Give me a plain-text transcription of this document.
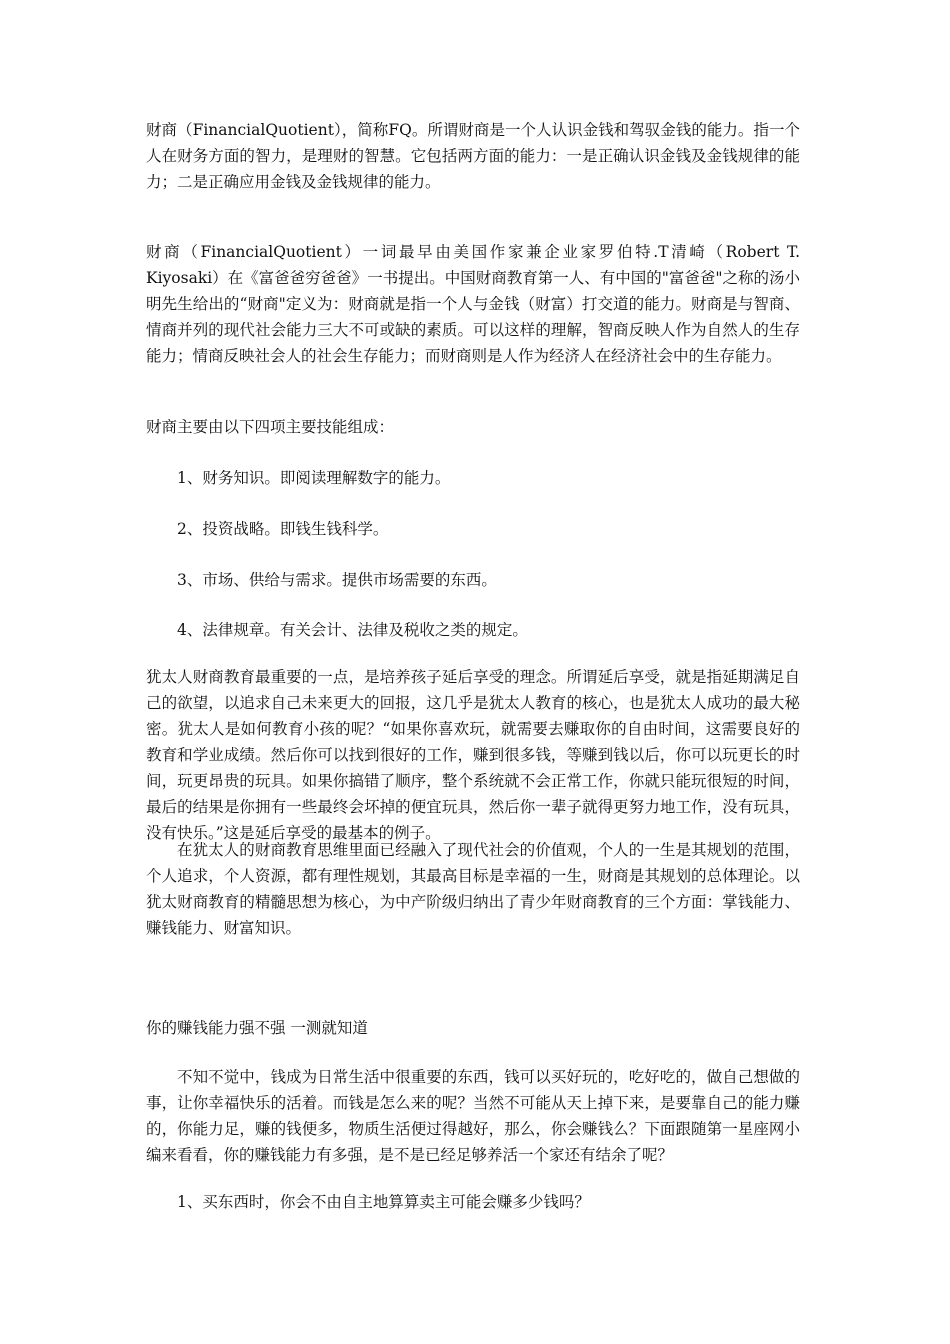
财商（FinancialQuotient），简称FQ。所谓财商是一个人认识金钱和驾驭金钱的能力。指一个人在财务方面的智力，是理财的智慧。它包括两方面的能力：一是正确认识金钱及金钱规律的能力；二是正确应用金钱及金钱规律的能力。

财商（FinancialQuotient）一词最早由美国作家兼企业家罗伯特.T清崎（Robert T. Kiyosaki）在《富爸爸穷爸爸》一书提出。中国财商教育第一人、有中国的"富爸爸"之称的汤小明先生给出的“财商"定义为：财商就是指一个人与金钱（财富）打交道的能力。财商是与智商、情商并列的现代社会能力三大不可或缺的素质。可以这样的理解，智商反映人作为自然人的生存能力；情商反映社会人的社会生存能力；而财商则是人作为经济人在经济社会中的生存能力。

财商主要由以下四项主要技能组成：

1、财务知识。即阅读理解数字的能力。

2、投资战略。即钱生钱科学。

3、市场、供给与需求。提供市场需要的东西。

4、法律规章。有关会计、法律及税收之类的规定。

犹太人财商教育最重要的一点，是培养孩子延后享受的理念。所谓延后享受，就是指延期满足自己的欲望，以追求自己未来更大的回报，这几乎是犹太人教育的核心，也是犹太人成功的最大秘密。犹太人是如何教育小孩的呢？“如果你喜欢玩，就需要去赚取你的自由时间，这需要良好的教育和学业成绩。然后你可以找到很好的工作，赚到很多钱，等赚到钱以后，你可以玩更长的时间，玩更昂贵的玩具。如果你搞错了顺序，整个系统就不会正常工作，你就只能玩很短的时间，最后的结果是你拥有一些最终会坏掉的便宜玩具，然后你一辈子就得更努力地工作，没有玩具，没有快乐。”这是延后享受的最基本的例子。

在犹太人的财商教育思维里面已经融入了现代社会的价值观，个人的一生是其规划的范围，个人追求，个人资源，都有理性规划，其最高目标是幸福的一生，财商是其规划的总体理论。以犹太财商教育的精髓思想为核心，为中产阶级归纳出了青少年财商教育的三个方面：掌钱能力、赚钱能力、财富知识。

你的赚钱能力强不强 一测就知道

不知不觉中，钱成为日常生活中很重要的东西，钱可以买好玩的，吃好吃的，做自己想做的事，让你幸福快乐的活着。而钱是怎么来的呢？当然不可能从天上掉下来，是要靠自己的能力赚的，你能力足，赚的钱便多，物质生活便过得越好，那么，你会赚钱么？下面跟随第一星座网小编来看看，你的赚钱能力有多强，是不是已经足够养活一个家还有结余了呢？

1、买东西时，你会不由自主地算算卖主可能会赚多少钱吗？
